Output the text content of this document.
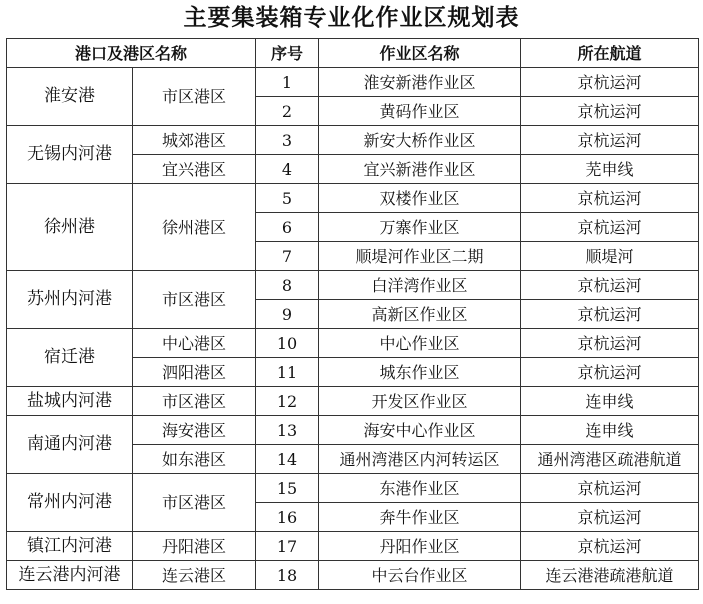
主要集装箱专业化作业区规划表
港口及港区名称		序号	作业区名称	所在航道
淮安港	市区港区	1	淮安新港作业区	京杭运河
		2	黄码作业区	京杭运河
无锡内河港	城郊港区	3	新安大桥作业区	京杭运河
	宜兴港区	4	宜兴新港作业区	芜申线
徐州港	徐州港区	5	双楼作业区	京杭运河
		6	万寨作业区	京杭运河
		7	顺堤河作业区二期	顺堤河
苏州内河港	市区港区	8	白洋湾作业区	京杭运河
		9	高新区作业区	京杭运河
宿迁港	中心港区	10	中心作业区	京杭运河
	泗阳港区	11	城东作业区	京杭运河
盐城内河港	市区港区	12	开发区作业区	连申线
南通内河港	海安港区	13	海安中心作业区	连申线
	如东港区	14	通州湾港区内河转运区	通州湾港区疏港航道
常州内河港	市区港区	15	东港作业区	京杭运河
		16	奔牛作业区	京杭运河
镇江内河港	丹阳港区	17	丹阳作业区	京杭运河
连云港内河港	连云港区	18	中云台作业区	连云港港疏港航道
